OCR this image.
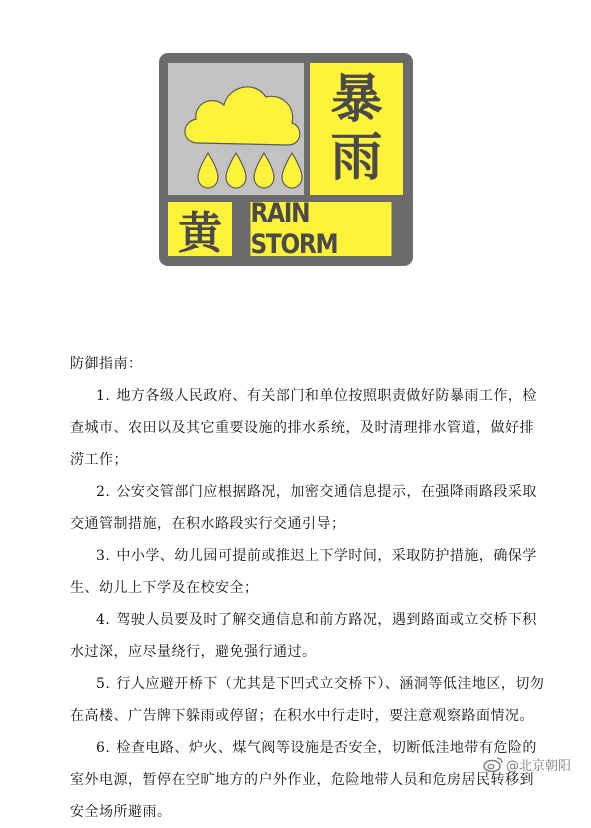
暴
雨
黄	RAIN STORM
防御指南：

1. 地方各级人民政府、有关部门和单位按照职责做好防暴雨工作，检查城市、农田以及其它重要设施的排水系统，及时清理排水管道，做好排涝工作；

2. 公安交管部门应根据路况，加密交通信息提示，在强降雨路段采取交通管制措施，在积水路段实行交通引导；

3. 中小学、幼儿园可提前或推迟上下学时间，采取防护措施，确保学生、幼儿上下学及在校安全；

4. 驾驶人员要及时了解交通信息和前方路况，遇到路面或立交桥下积水过深，应尽量绕行，避免强行通过。

5. 行人应避开桥下（尤其是下凹式立交桥下）、涵洞等低洼地区，切勿在高楼、广告牌下躲雨或停留；在积水中行走时，要注意观察路面情况。

6. 检查电路、炉火、煤气阀等设施是否安全，切断低洼地带有危险的室外电源，暂停在空旷地方的户外作业，危险地带人员和危房居民转移到安全场所避雨。

@北京朝阳
